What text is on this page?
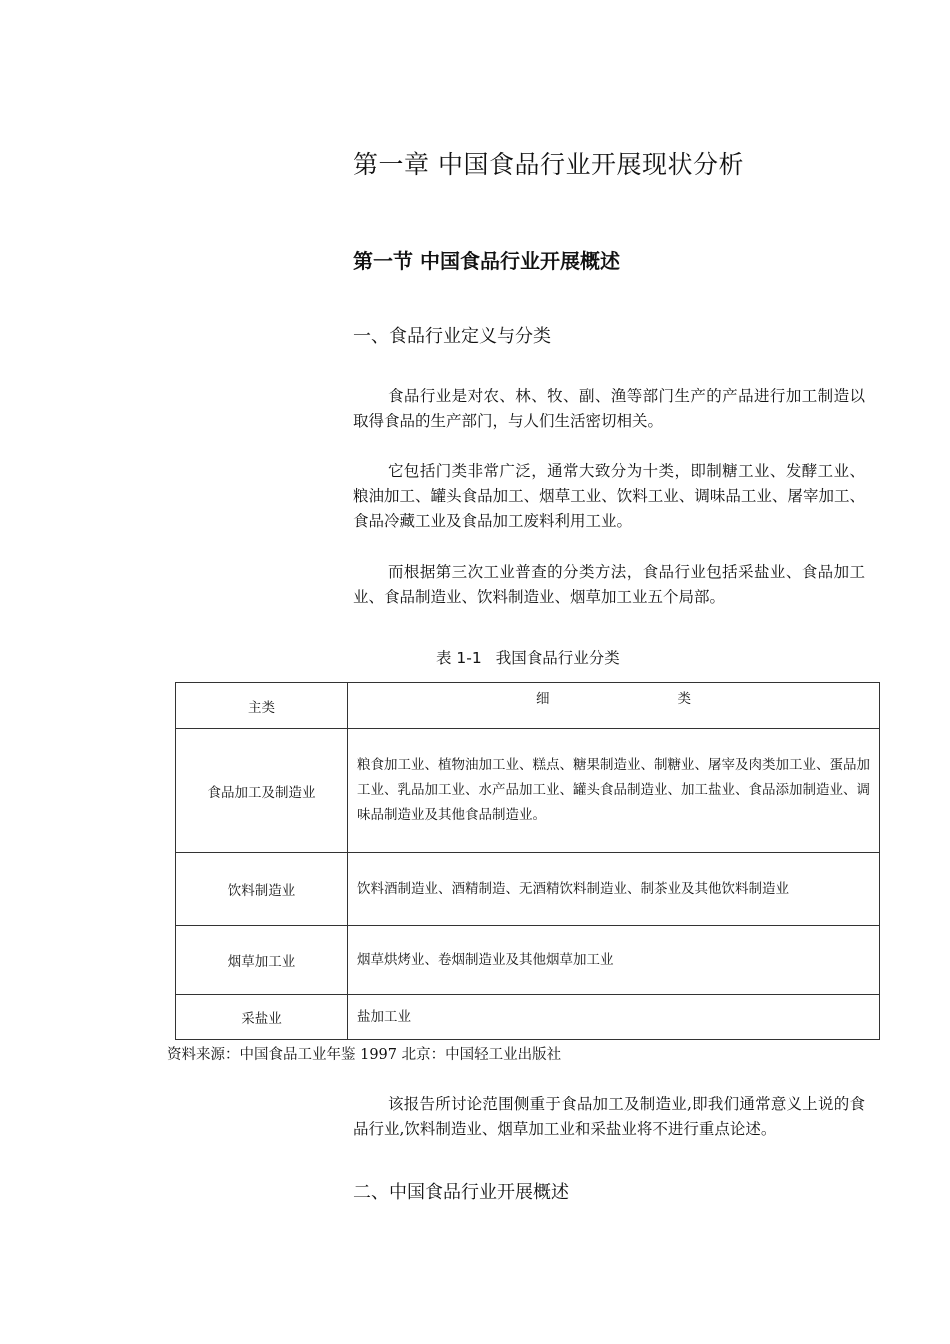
第一章 中国食品行业开展现状分析
第一节 中国食品行业开展概述
一、食品行业定义与分类

食品行业是对农、林、牧、副、渔等部门生产的产品进行加工制造以取得食品的生产部门，与人们生活密切相关。

它包括门类非常广泛，通常大致分为十类，即制糖工业、发酵工业、粮油加工、罐头食品加工、烟草工业、饮料工业、调味品工业、屠宰加工、食品冷藏工业及食品加工废料利用工业。

而根据第三次工业普查的分类方法，食品行业包括采盐业、食品加工业、食品制造业、饮料制造业、烟草加工业五个局部。

表 1-1 我国食品行业分类
主类	细 类
食品加工及制造业	粮食加工业、植物油加工业、糕点、糖果制造业、制糖业、屠宰及肉类加工业、蛋品加工业、乳品加工业、水产品加工业、罐头食品制造业、加工盐业、食品添加制造业、调味品制造业及其他食品制造业。
饮料制造业	饮料酒制造业、酒精制造、无酒精饮料制造业、制茶业及其他饮料制造业
烟草加工业	烟草烘烤业、卷烟制造业及其他烟草加工业
采盐业	盐加工业
资料来源：中国食品工业年鉴 1997 北京：中国轻工业出版社

该报告所讨论范围侧重于食品加工及制造业,即我们通常意义上说的食品行业,饮料制造业、烟草加工业和采盐业将不进行重点论述。

二、中国食品行业开展概述
